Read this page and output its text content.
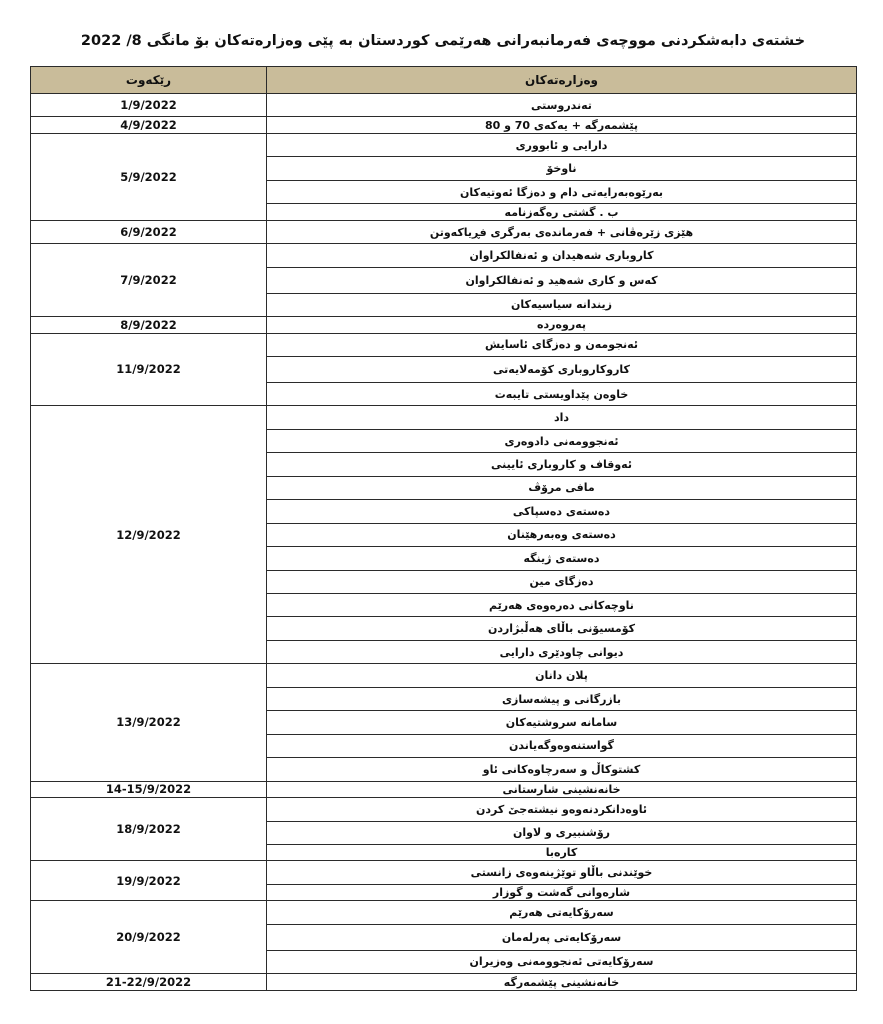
خشتەی دابەشکردنی مووچەی فەرمانبەرانی هەرێمی کوردستان بە پێی وەزارەتەکان بۆ مانگی 8/ 2022
رێکەوت	وەزارەتەکان
1/9/2022	تەندروستی
4/9/2022	پێشمەرگە + یەکەی 70 و 80
5/9/2022	دارایی و ئابووری
	ناوخۆ
	بەرێوەبەرایەتی دام و دەزگا ئەوتیەکان
	ب . گشتی رەگەزنامە
6/9/2022	هێزی زێرەڤانی + فەرماندەی بەرگری فڕیاکەوتن
7/9/2022	کاروباری شەهیدان و ئەنفالکراوان
	کەس و کاری شەهید و ئەنفالکراوان
	زیندانە سیاسیەکان
8/9/2022	پەروەردە
11/9/2022	ئەنجومەن و دەزگای ئاسایش
	کاروکاروباری کۆمەلایەتی
	خاوەن پێداویستی تایبەت
12/9/2022	داد
	ئەنجوومەنی دادوەری
	ئەوقاف و کاروباری ئایینی
	مافی مرۆڤ
	دەستەی دەسپاکی
	دەستەی وەبەرهێنان
	دەستەی ژینگە
	دەزگای مین
	ناوچەکانی دەرەوەی هەرێم
	کۆمسیۆنی باڵای هەڵبژاردن
	دیوانی چاودێری دارایی
13/9/2022	پلان دانان
	بازرگانی و پیشەسازی
	سامانە سروشتیەکان
	گواستنەوەوگەیاندن
	کشتوکاڵ و سەرچاوەکانی ئاو
14-15/9/2022	خانەنشینی شارستانی
18/9/2022	ئاوەدانکردنەوەو نیشتەجێ کردن
	رۆشنبیری و لاوان
	کارەبا
19/9/2022	خوێندنی باڵاو توێژینەوەی زانستی
	شارەوانی گەشت و گوزار
20/9/2022	سەرۆکایەتی هەرێم
	سەرۆکایەتی پەرلەمان
	سەرۆکایەتی ئەنجوومەنی وەزیران
21-22/9/2022	خانەنشینی پێشمەرگە
